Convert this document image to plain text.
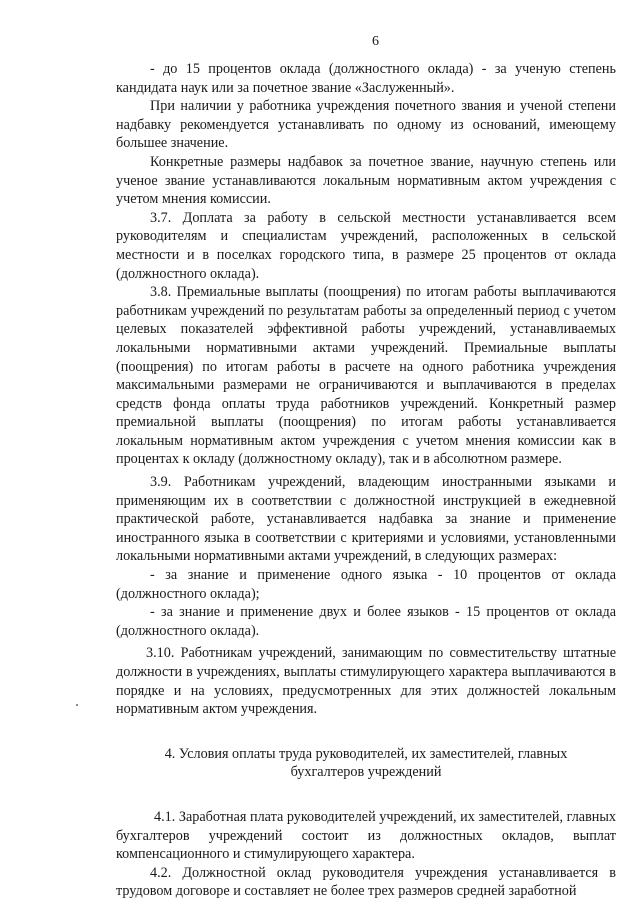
6

- до 15 процентов оклада (должностного оклада) - за ученую степень кандидата наук или за почетное звание «Заслуженный».

При наличии у работника учреждения почетного звания и ученой степени надбавку рекомендуется устанавливать по одному из оснований, имеющему большее значение.

Конкретные размеры надбавок за почетное звание, научную степень или ученое звание устанавливаются локальным нормативным актом учреждения с учетом мнения комиссии.

3.7. Доплата за работу в сельской местности устанавливается всем руководителям и специалистам учреждений, расположенных в сельской местности и в поселках городского типа, в размере 25 процентов от оклада (должностного оклада).

3.8. Премиальные выплаты (поощрения) по итогам работы выплачиваются работникам учреждений по результатам работы за определенный период с учетом целевых показателей эффективной работы учреждений, устанавливаемых локальными нормативными актами учреждений. Премиальные выплаты (поощрения) по итогам работы в расчете на одного работника учреждения максимальными размерами не ограничиваются и выплачиваются в пределах средств фонда оплаты труда работников учреждений. Конкретный размер премиальной выплаты (поощрения) по итогам работы устанавливается локальным нормативным актом учреждения с учетом мнения комиссии как в процентах к окладу (должностному окладу), так и в абсолютном размере.

3.9. Работникам учреждений, владеющим иностранными языками и применяющим их в соответствии с должностной инструкцией в ежедневной практической работе, устанавливается надбавка за знание и применение иностранного языка в соответствии с критериями и условиями, установленными локальными нормативными актами учреждений, в следующих размерах:

- за знание и применение одного языка - 10 процентов от оклада (должностного оклада);

- за знание и применение двух и более языков - 15 процентов от оклада (должностного оклада).

3.10. Работникам учреждений, занимающим по совместительству штатные должности в учреждениях, выплаты стимулирующего характера выплачиваются в порядке и на условиях, предусмотренных для этих должностей локальным нормативным актом учреждения.

4. Условия оплаты труда руководителей, их заместителей, главных бухгалтеров учреждений

4.1. Заработная плата руководителей учреждений, их заместителей, главных бухгалтеров учреждений состоит из должностных окладов, выплат компенсационного и стимулирующего характера.

4.2. Должностной оклад руководителя учреждения устанавливается в трудовом договоре и составляет не более трех размеров средней заработной
